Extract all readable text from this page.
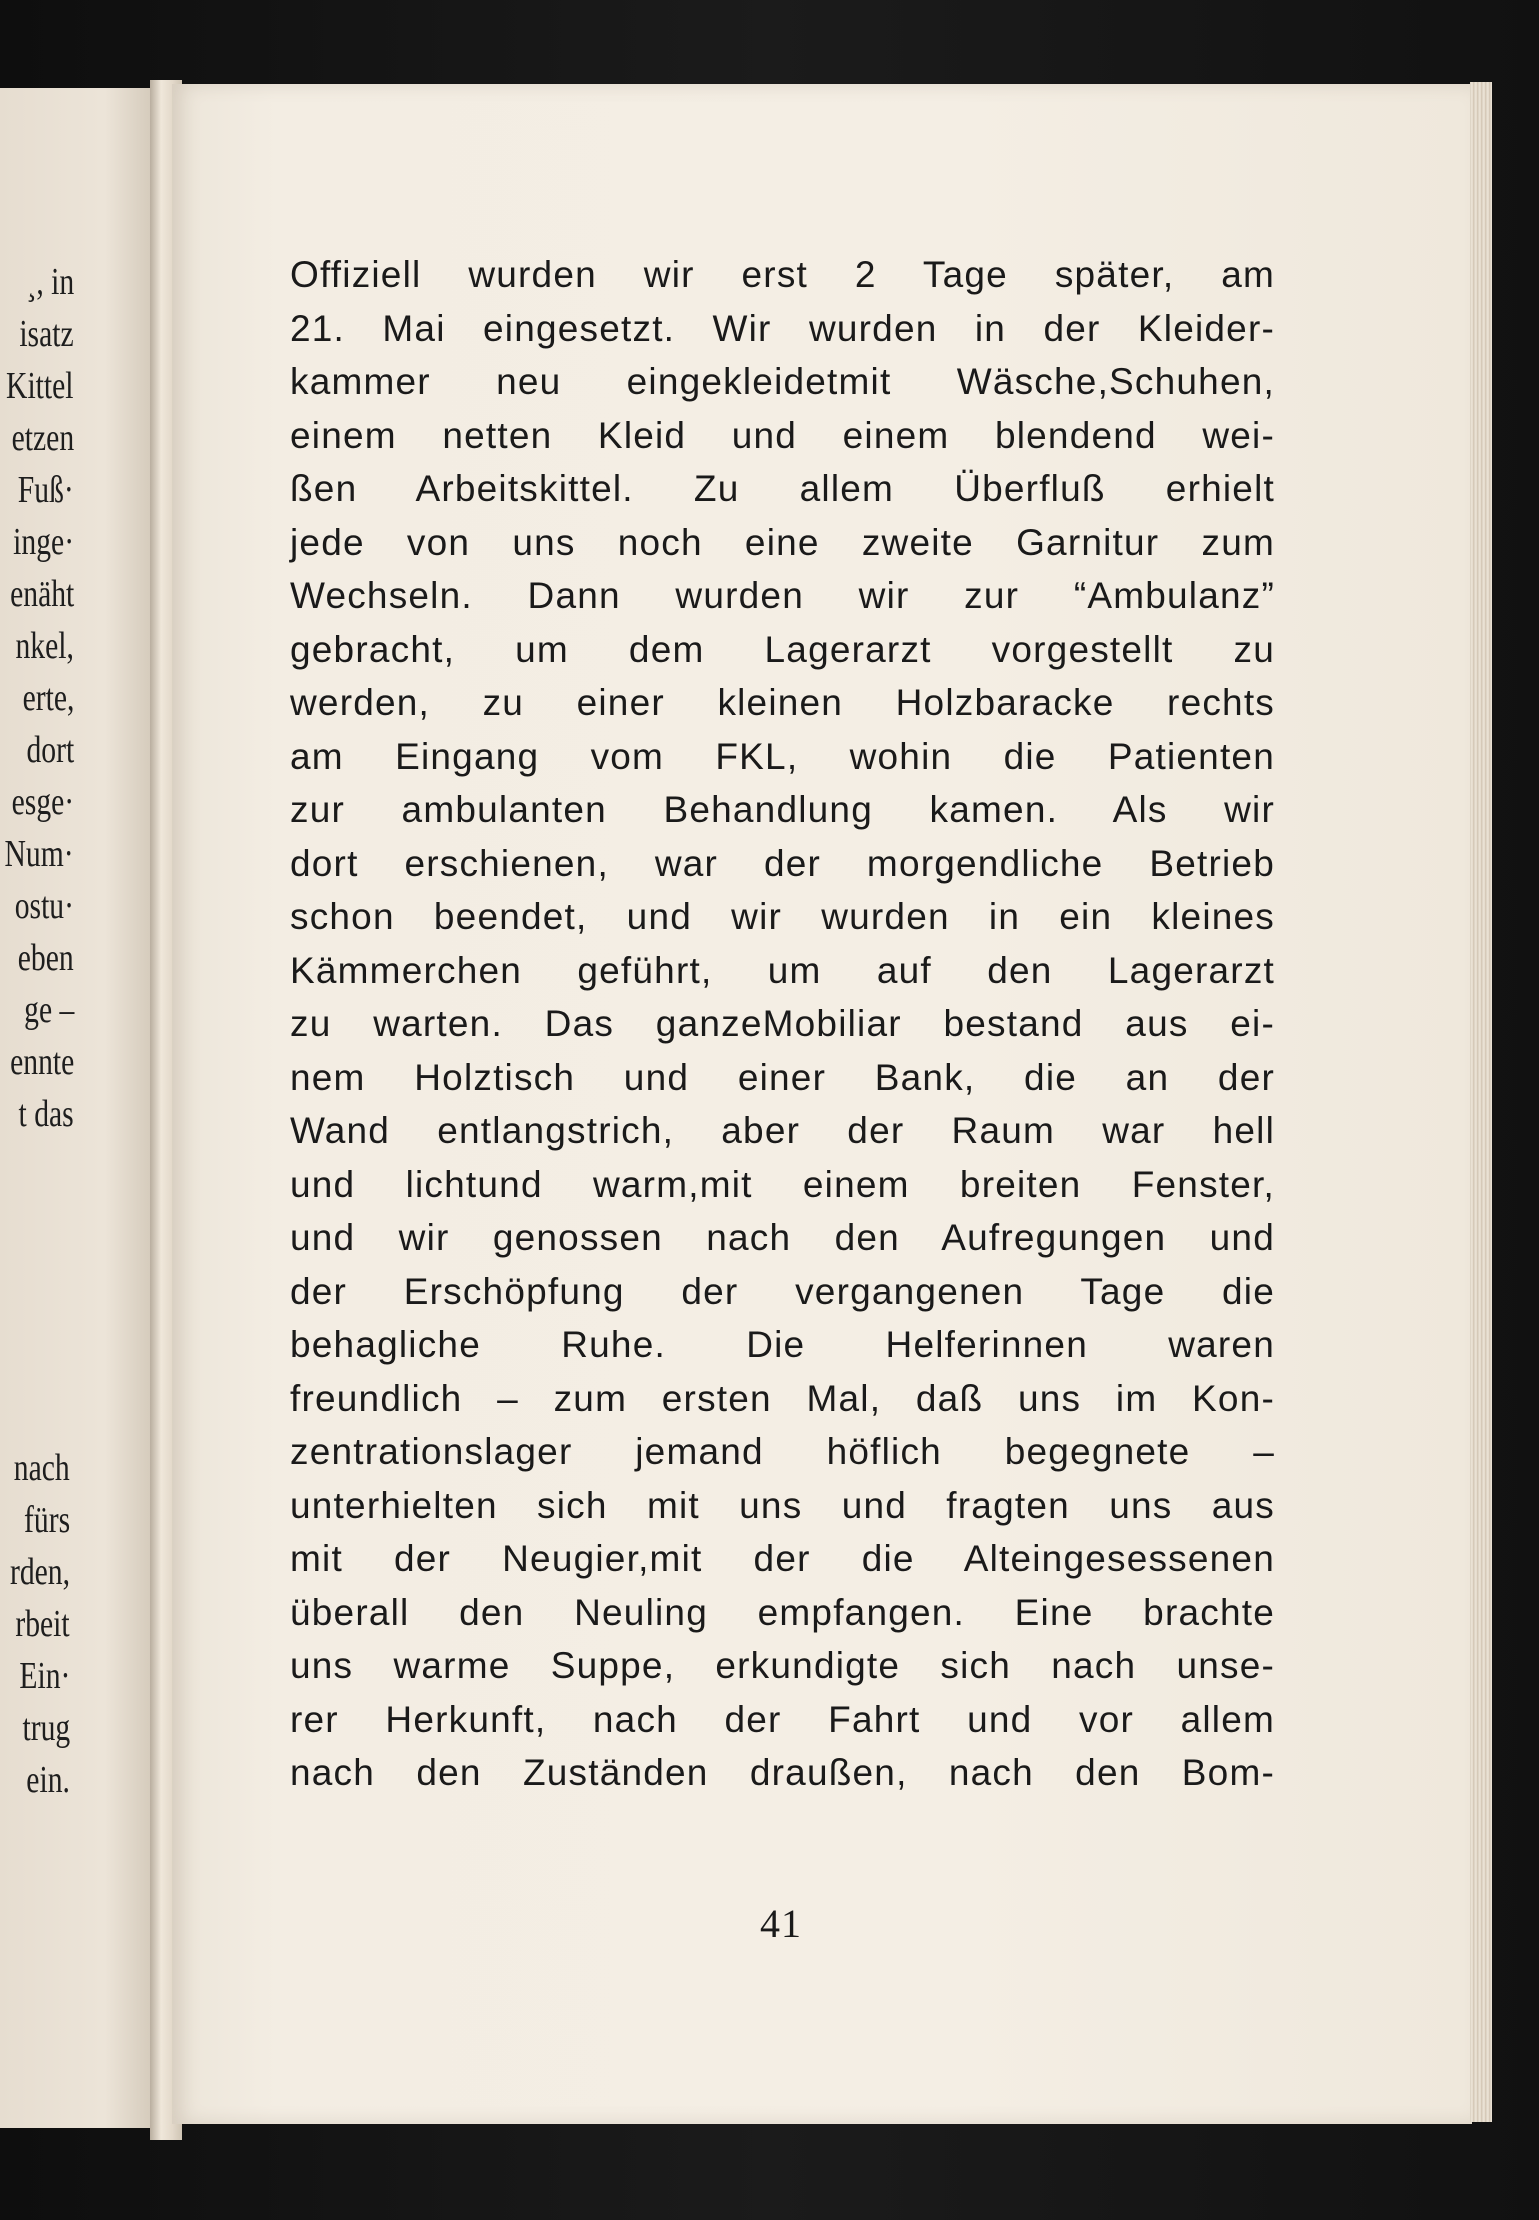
¸, in
isatz
Kittel
etzen
Fuß·
inge·
enäht
nkel,
erte,
dort
esge·
Num·
ostu·
eben
ge –
ennte
t das
nach
fürs
rden,
rbeit
Ein·
trug
ein.
Offiziell wurden wir erst 2 Tage später, am
21. Mai eingesetzt. Wir wurden in der Kleider-
kammer neu eingekleidetmit Wäsche,Schuhen,
einem netten Kleid und einem blendend wei-
ßen Arbeitskittel. Zu allem Überfluß erhielt
jede von uns noch eine zweite Garnitur zum
Wechseln. Dann wurden wir zur “Ambulanz”
gebracht, um dem Lagerarzt vorgestellt zu
werden, zu einer kleinen Holzbaracke rechts
am Eingang vom FKL, wohin die Patienten
zur ambulanten Behandlung kamen. Als wir
dort erschienen, war der morgendliche Betrieb
schon beendet, und wir wurden in ein kleines
Kämmerchen geführt, um auf den Lagerarzt
zu warten. Das ganzeMobiliar bestand aus ei-
nem Holztisch und einer Bank, die an der
Wand entlangstrich, aber der Raum war hell
und lichtund warm,mit einem breiten Fenster,
und wir genossen nach den Aufregungen und
der Erschöpfung der vergangenen Tage die
behagliche Ruhe. Die Helferinnen waren
freundlich – zum ersten Mal, daß uns im Kon-
zentrationslager jemand höflich begegnete –
unterhielten sich mit uns und fragten uns aus
mit der Neugier,mit der die Alteingesessenen
überall den Neuling empfangen. Eine brachte
uns warme Suppe, erkundigte sich nach unse-
rer Herkunft, nach der Fahrt und vor allem
nach den Zuständen draußen, nach den Bom-
41
